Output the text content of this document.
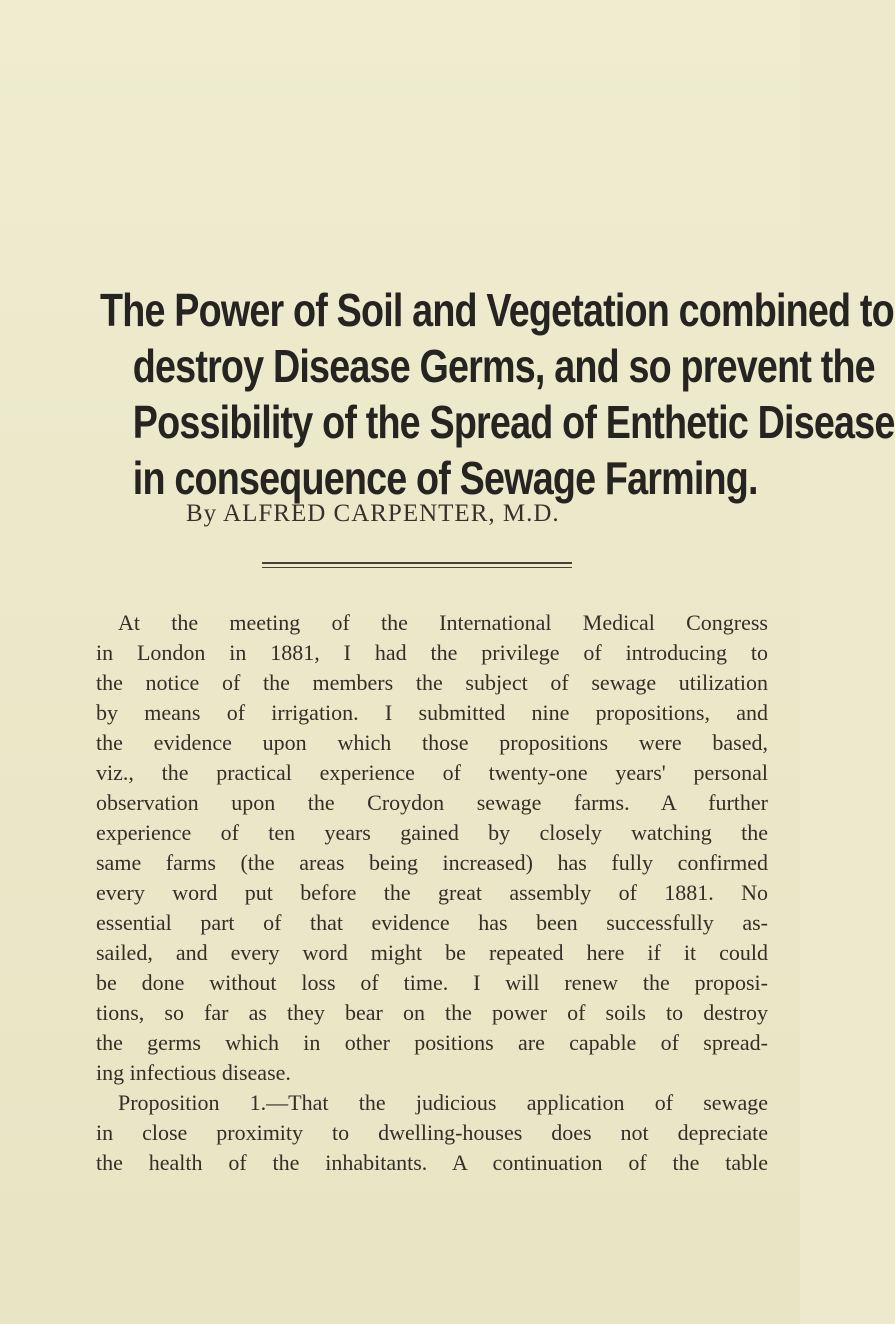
The Power of Soil and Vegetation combined to
destroy Disease Germs, and so prevent the
Possibility of the Spread of Enthetic Disease
in consequence of Sewage Farming.
By ALFRED CARPENTER, M.D.
At the meeting of the International Medical Congress
in London in 1881, I had the privilege of introducing to
the notice of the members the subject of sewage utilization
by means of irrigation. I submitted nine propositions, and
the evidence upon which those propositions were based,
viz., the practical experience of twenty-one years' personal
observation upon the Croydon sewage farms. A further
experience of ten years gained by closely watching the
same farms (the areas being increased) has fully confirmed
every word put before the great assembly of 1881. No
essential part of that evidence has been successfully as-
sailed, and every word might be repeated here if it could
be done without loss of time. I will renew the proposi-
tions, so far as they bear on the power of soils to destroy
the germs which in other positions are capable of spread-
ing infectious disease.
Proposition 1.—That the judicious application of sewage
in close proximity to dwelling-houses does not depreciate
the health of the inhabitants. A continuation of the table
